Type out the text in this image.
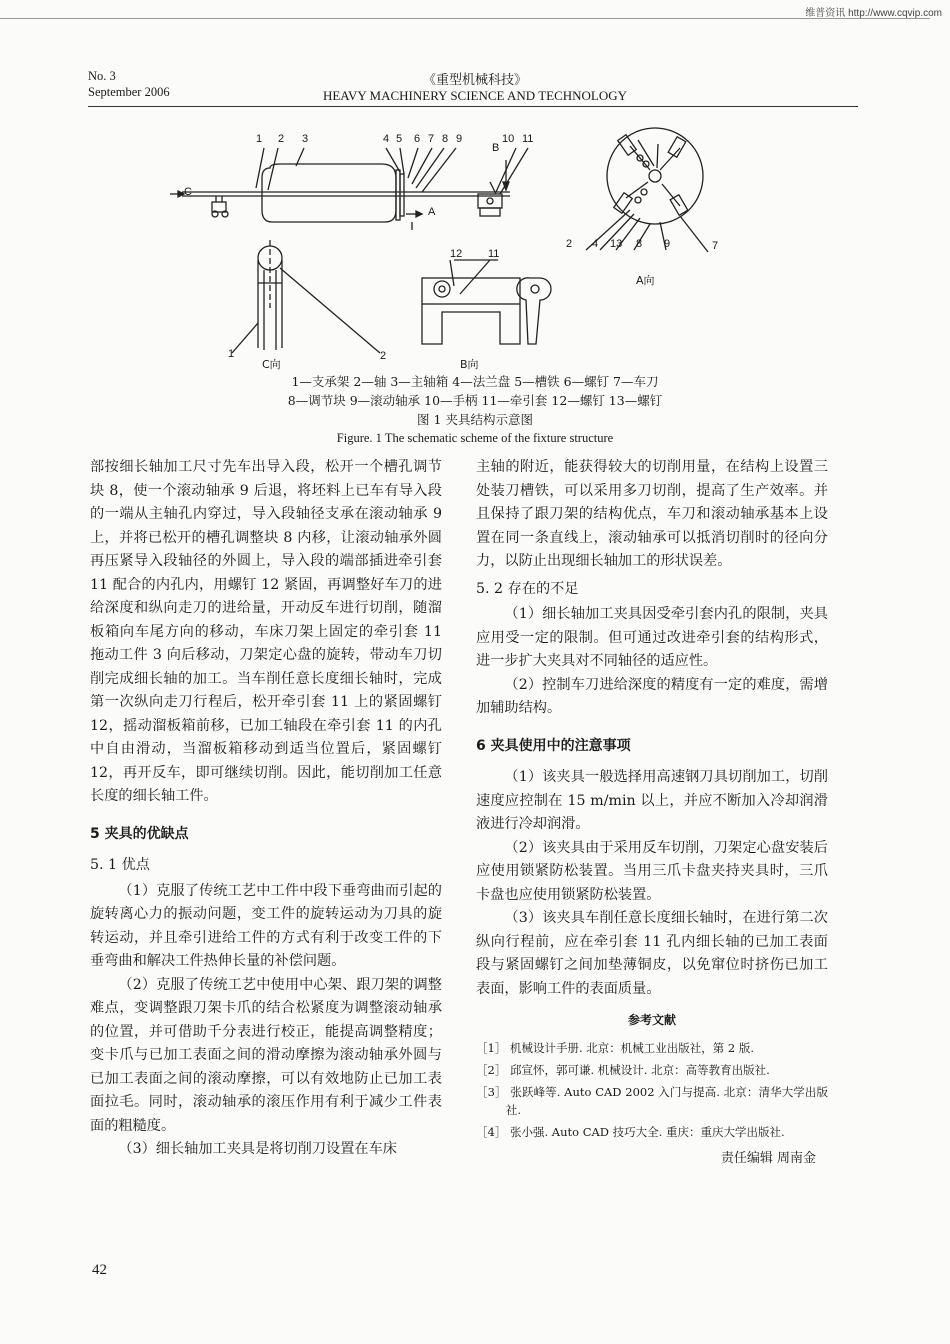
维普资讯 http://www.cqvip.com
No. 3
September 2006
《重型机械科技》
HEAVY MACHINERY SCIENCE AND TECHNOLOGY
1 2 3	4 5 6 7 8 9	10 11
B
C
A
2 4 13 8 9	7
A向
1	2
C向
12 11
B向
1—支承架 2—轴 3—主轴箱 4—法兰盘 5—槽铁 6—螺钉 7—车刀
8—调节块 9—滚动轴承 10—手柄 11—牵引套 12—螺钉 13—螺钉
图 1 夹具结构示意图
Figure. 1 The schematic scheme of the fixture structure

部按细长轴加工尺寸先车出导入段，松开一个槽孔调节块 8，使一个滚动轴承 9 后退，将坯料上已车有导入段的一端从主轴孔内穿过，导入段轴径支承在滚动轴承 9 上，并将已松开的槽孔调整块 8 内移，让滚动轴承外圆再压紧导入段轴径的外圆上，导入段的端部插进牵引套 11 配合的内孔内，用螺钉 12 紧固，再调整好车刀的进给深度和纵向走刀的进给量，开动反车进行切削，随溜板箱向车尾方向的移动，车床刀架上固定的牵引套 11 拖动工件 3 向后移动，刀架定心盘的旋转，带动车刀切削完成细长轴的加工。当车削任意长度细长轴时，完成第一次纵向走刀行程后，松开牵引套 11 上的紧固螺钉 12，摇动溜板箱前移，已加工轴段在牵引套 11 的内孔中自由滑动，当溜板箱移动到适当位置后，紧固螺钉 12，再开反车，即可继续切削。因此，能切削加工任意长度的细长轴工件。

5 夹具的优缺点
5. 1 优点

（1）克服了传统工艺中工件中段下垂弯曲而引起的旋转离心力的振动问题，变工件的旋转运动为刀具的旋转运动，并且牵引进给工件的方式有利于改变工件的下垂弯曲和解决工件热伸长量的补偿问题。

（2）克服了传统工艺中使用中心架、跟刀架的调整难点，变调整跟刀架卡爪的结合松紧度为调整滚动轴承的位置，并可借助千分表进行校正，能提高调整精度；变卡爪与已加工表面之间的滑动摩擦为滚动轴承外圆与已加工表面之间的滚动摩擦，可以有效地防止已加工表面拉毛。同时，滚动轴承的滚压作用有利于减少工件表面的粗糙度。

（3）细长轴加工夹具是将切削刀设置在车床

主轴的附近，能获得较大的切削用量，在结构上设置三处装刀槽铁，可以采用多刀切削，提高了生产效率。并且保持了跟刀架的结构优点，车刀和滚动轴承基本上设置在同一条直线上，滚动轴承可以抵消切削时的径向分力，以防止出现细长轴加工的形状误差。

5. 2 存在的不足

（1）细长轴加工夹具因受牵引套内孔的限制，夹具应用受一定的限制。但可通过改进牵引套的结构形式，进一步扩大夹具对不同轴径的适应性。

（2）控制车刀进给深度的精度有一定的难度，需增加辅助结构。

6 夹具使用中的注意事项

（1）该夹具一般选择用高速钢刀具切削加工，切削速度应控制在 15 m/min 以上，并应不断加入冷却润滑液进行冷却润滑。

（2）该夹具由于采用反车切削，刀架定心盘安装后应使用锁紧防松装置。当用三爪卡盘夹持夹具时，三爪卡盘也应使用锁紧防松装置。

（3）该夹具车削任意长度细长轴时，在进行第二次纵向行程前，应在牵引套 11 孔内细长轴的已加工表面段与紧固螺钉之间加垫薄铜皮，以免窜位时挤伤已加工表面，影响工件的表面质量。

参考文献
［1］ 机械设计手册. 北京：机械工业出版社，第 2 版.
［2］ 邱宣怀，郭可谦. 机械设计. 北京：高等教育出版社.
［3］ 张跃峰等. Auto CAD 2002 入门与提高. 北京：清华大学出版社.
［4］ 张小强. Auto CAD 技巧大全. 重庆：重庆大学出版社.
责任编辑 周南金
42
